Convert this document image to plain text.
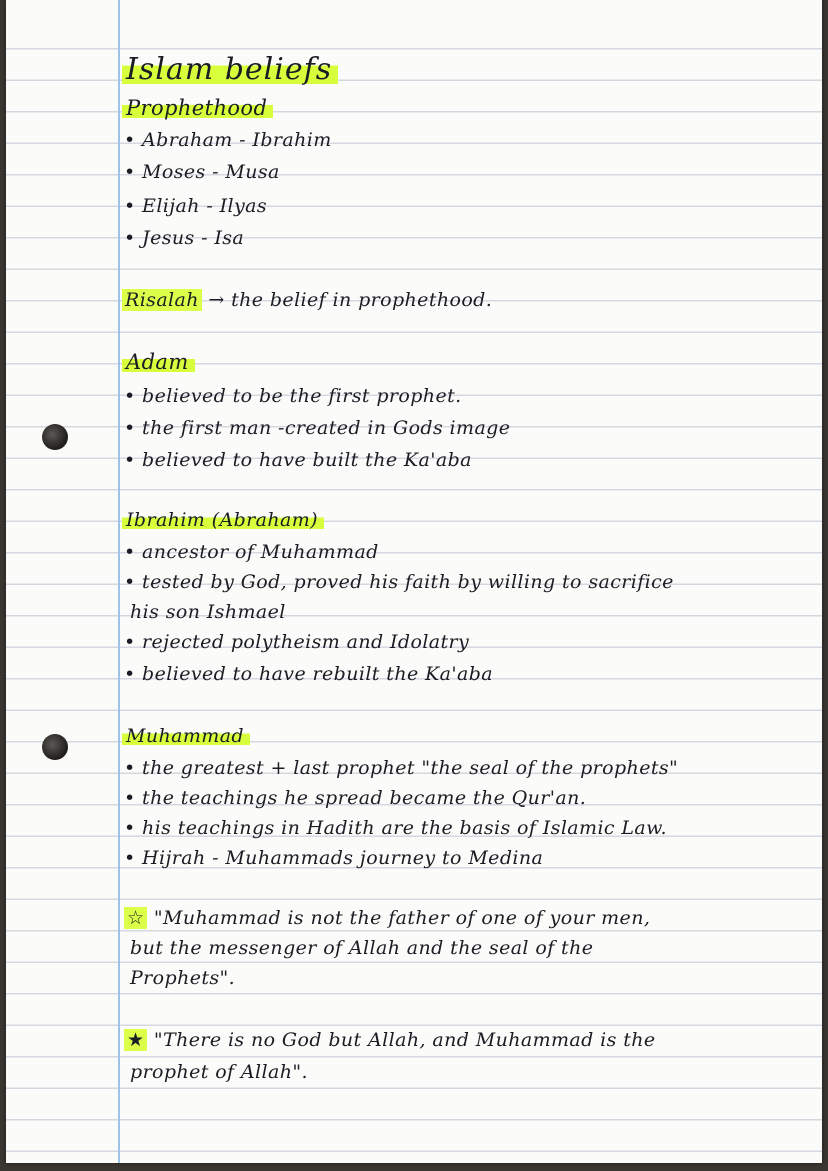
Islam beliefs

Prophethood

• Abraham - Ibrahim

• Moses - Musa

• Elijah - Ilyas

• Jesus - Isa

Risalah → the belief in prophethood.

Adam

• believed to be the first prophet.

• the first man -created in Gods image

• believed to have built the Ka'aba

Ibrahim (Abraham)

• ancestor of Muhammad

• tested by God, proved his faith by willing to sacrifice

his son Ishmael

• rejected polytheism and Idolatry

• believed to have rebuilt the Ka'aba

Muhammad

• the greatest + last prophet "the seal of the prophets"

• the teachings he spread became the Qur'an.

• his teachings in Hadith are the basis of Islamic Law.

• Hijrah - Muhammads journey to Medina

☆ "Muhammad is not the father of one of your men,

but the messenger of Allah and the seal of the

Prophets".

★ "There is no God but Allah, and Muhammad is the

prophet of Allah".
